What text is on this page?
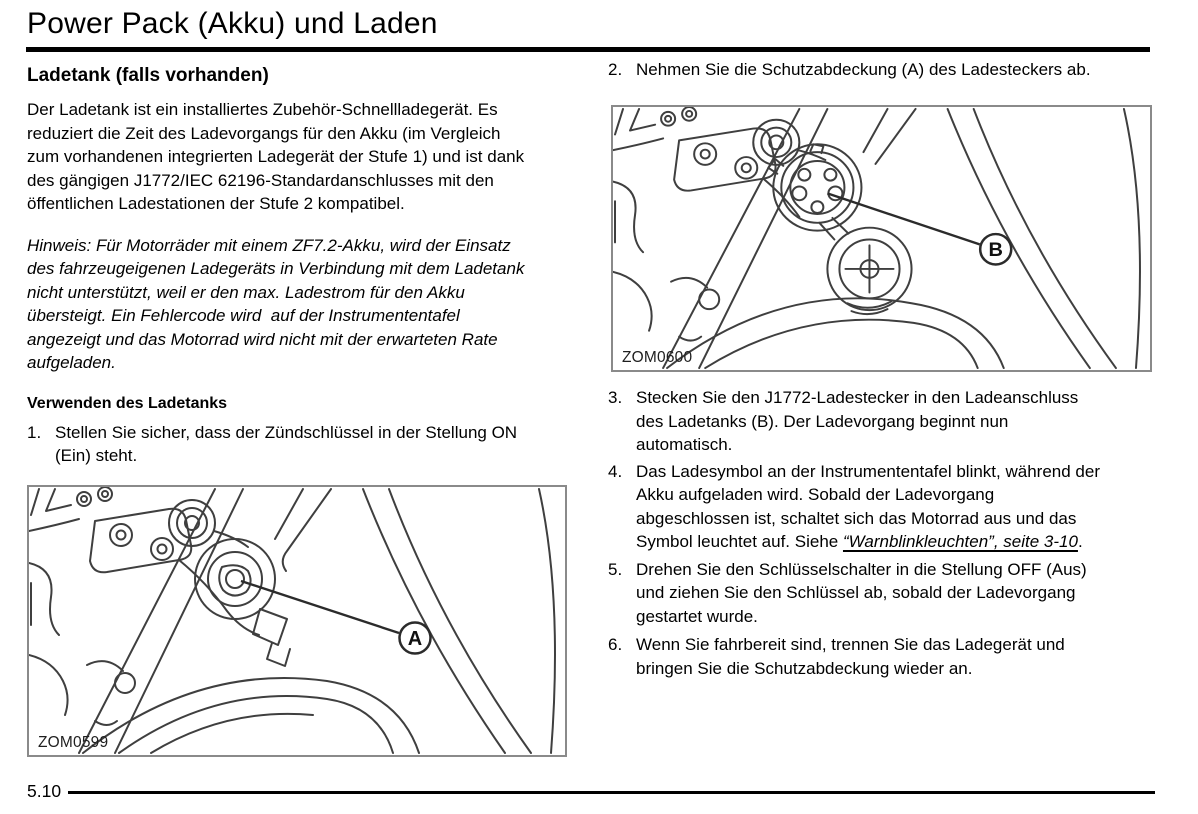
Power Pack (Akku) und Laden
Ladetank (falls vorhanden)
Der Ladetank ist ein installiertes Zubehör-Schnellladegerät. Es
reduziert die Zeit des Ladevorgangs für den Akku (im Vergleich
zum vorhandenen integrierten Ladegerät der Stufe 1) und ist dank
des gängigen J1772/IEC 62196-Standardanschlusses mit den
öffentlichen Ladestationen der Stufe 2 kompatibel.
Hinweis: Für Motorräder mit einem ZF7.2-Akku, wird der Einsatz
des fahrzeugeigenen Ladegeräts in Verbindung mit dem Ladetank
nicht unterstützt, weil er den max. Ladestrom für den Akku
übersteigt. Ein Fehlercode wird  auf der Instrumententafel
angezeigt und das Motorrad wird nicht mit der erwarteten Rate
aufgeladen.
Verwenden des Ladetanks
1. Stellen Sie sicher, dass der Zündschlüssel in der Stellung ON
(Ein) steht.
A
ZOM0599
2. Nehmen Sie die Schutzabdeckung (A) des Ladesteckers ab.
B
ZOM0600
3. Stecken Sie den J1772-Ladestecker in den Ladeanschluss
des Ladetanks (B). Der Ladevorgang beginnt nun
automatisch.
4. Das Ladesymbol an der Instrumententafel blinkt, während der
Akku aufgeladen wird. Sobald der Ladevorgang
abgeschlossen ist, schaltet sich das Motorrad aus und das
Symbol leuchtet auf. Siehe “Warnblinkleuchten”, seite 3-10.
5. Drehen Sie den Schlüsselschalter in die Stellung OFF (Aus)
und ziehen Sie den Schlüssel ab, sobald der Ladevorgang
gestartet wurde.
6. Wenn Sie fahrbereit sind, trennen Sie das Ladegerät und
bringen Sie die Schutzabdeckung wieder an.
5.10
